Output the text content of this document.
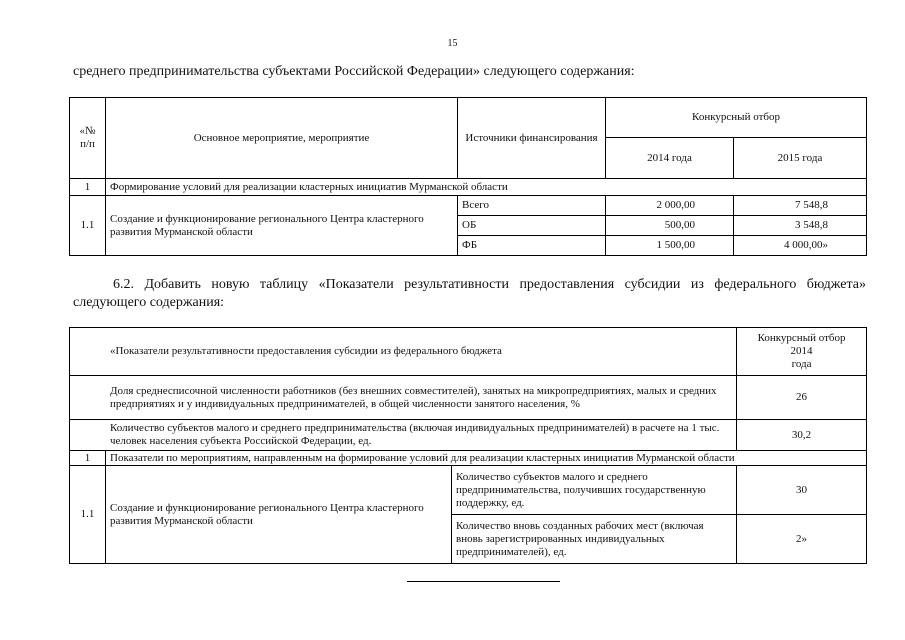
15
среднего предпринимательства субъектами Российской Федерации» следующего содержания:
«№ п/п	Основное мероприятие, мероприятие	Источники финансирования	Конкурсный отбор	
			2014 года	2015 года
1	Формирование условий для реализации кластерных инициатив Мурманской области			
1.1	Создание и функционирование регионального Центра кластерного развития Мурманской области	Всего	2 000,00	7 548,8
		ОБ	500,00	3 548,8
		ФБ	1 500,00	4 000,00»
6.2. Добавить новую таблицу «Показатели результативности предоставления субсидии из федерального бюджета» следующего содержания:
«Показатели результативности предоставления субсидии из федерального бюджета			Конкурсный отбор
2014
года
Доля среднесписочной численности работников (без внешних совместителей), занятых на микропредприятиях, малых и средних предприятиях и у индивидуальных предпринимателей, в общей численности занятого населения, %			26
Количество субъектов малого и среднего предпринимательства (включая индивидуальных предпринимателей) в расчете на 1 тыс. человек населения субъекта Российской Федерации, ед.			30,2
1	Показатели по мероприятиям, направленным на формирование условий для реализации кластерных инициатив Мурманской области		
1.1	Создание и функционирование регионального Центра кластерного развития Мурманской области	Количество субъектов малого и среднего предпринимательства, получивших государственную поддержку, ед.	30
		Количество вновь созданных рабочих мест (включая вновь зарегистрированных индивидуальных предпринимателей), ед.	2»
